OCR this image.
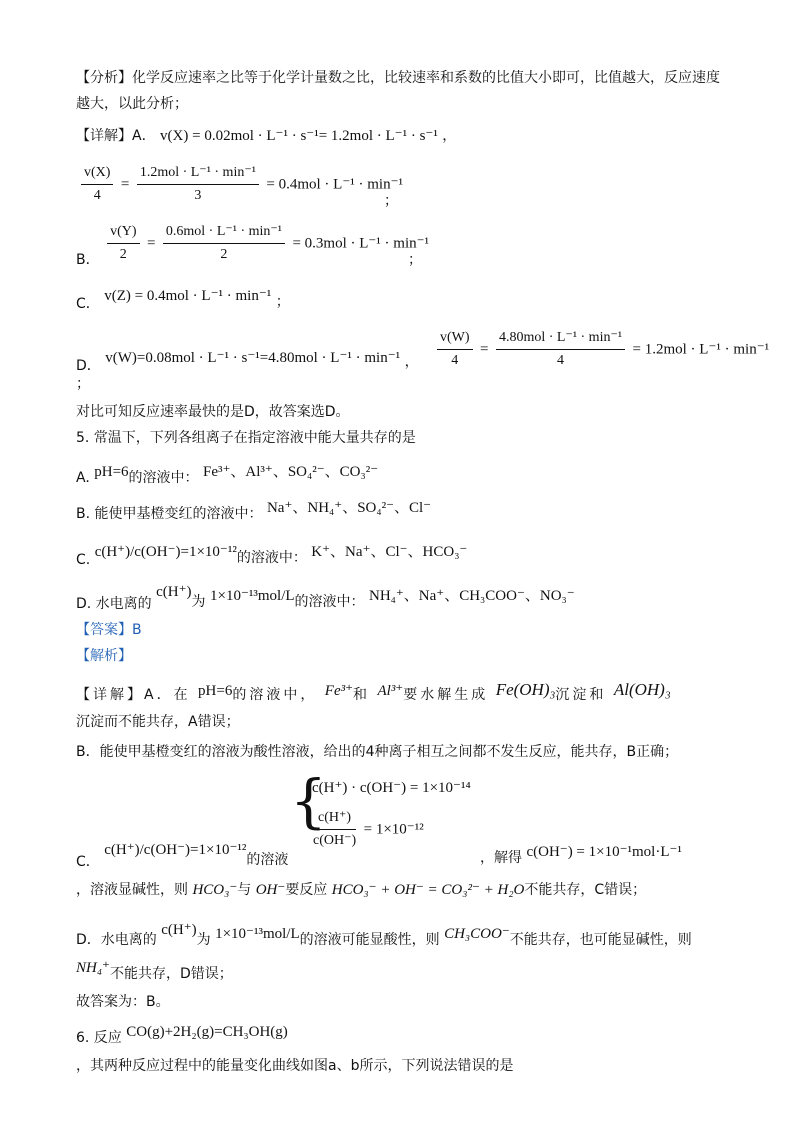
【分析】化学反应速率之比等于化学计量数之比，比较速率和系数的比值大小即可，比值越大，反应速度
越大，以此分析；
【详解】A． v(X) = 0.02mol · L⁻¹ · s⁻¹= 1.2mol · L⁻¹ · s⁻¹ ，
$\frac{v(X)}{4} = \frac{\text{1.2mol · L⁻¹ · min⁻¹}}{3} = 0.4mol \cdot L^{-1} \cdot \min^{-1}$
；
B． $\frac{v(Y)}{2} = \frac{\text{0.6mol · L⁻¹ · min⁻¹}}{2} = 0.3mol \cdot L^{-1} \cdot \min^{-1}$
；
C． v(Z) = 0.4mol · L⁻¹ · min⁻¹ ；
D． v(W)=0.08mol · L⁻¹ · s⁻¹=4.80mol · L⁻¹ · min⁻¹ ， $\frac{v(W)}{4} = \frac{\text{4.80mol · L⁻¹ · min⁻¹}}{4} = 1.2mol \cdot L^{-1} \cdot \min^{-1}$
；
对比可知反应速率最快的是D，故答案选D。
5. 常温下，下列各组离子在指定溶液中能大量共存的是
A. pH=6的溶液中： Fe³⁺、Al³⁺、SO₄²⁻、CO₃²⁻
B. 能使甲基橙变红的溶液中： Na⁺、NH₄⁺、SO₄²⁻、Cl⁻
C. c(H⁺)/c(OH⁻)=1×10⁻¹²的溶液中： K⁺、Na⁺、Cl⁻、HCO₃⁻
D. 水电离的 c(H⁺)为 1×10⁻¹³mol/L的溶液中： NH₄⁺、Na⁺、CH₃COO⁻、NO₃⁻
【答案】B
【解析】
【详解】A．在 pH=6的溶液中， Fe³⁺和 Al³⁺要水解生成 Fe(OH)₃沉淀和 Al(OH)₃
沉淀而不能共存，A错误；
B．能使甲基橙变红的溶液为酸性溶液，给出的4种离子相互之间都不发生反应，能共存，B正确；
{
c(H⁺) · c(OH⁻) = 1×10⁻¹⁴
$\frac{c(H^+)}{c(OH^-)} = 1\times 10^{-12}$
C． c(H⁺)/c(OH⁻)=1×10⁻¹²的溶液	，解得 c(OH⁻) = 1×10⁻¹mol·L⁻¹
，溶液显碱性，则 HCO₃⁻与 OH⁻要反应 HCO₃⁻ + OH⁻ = CO₃²⁻ + H₂O不能共存，C错误；
D．水电离的 c(H⁺)为 1×10⁻¹³mol/L的溶液可能显酸性，则 CH₃COO⁻不能共存，也可能显碱性，则
NH₄⁺不能共存，D错误；
故答案为：B。
6. 反应 CO(g)+2H₂(g)=CH₃OH(g)
，其两种反应过程中的能量变化曲线如图a、b所示，下列说法错误的是
